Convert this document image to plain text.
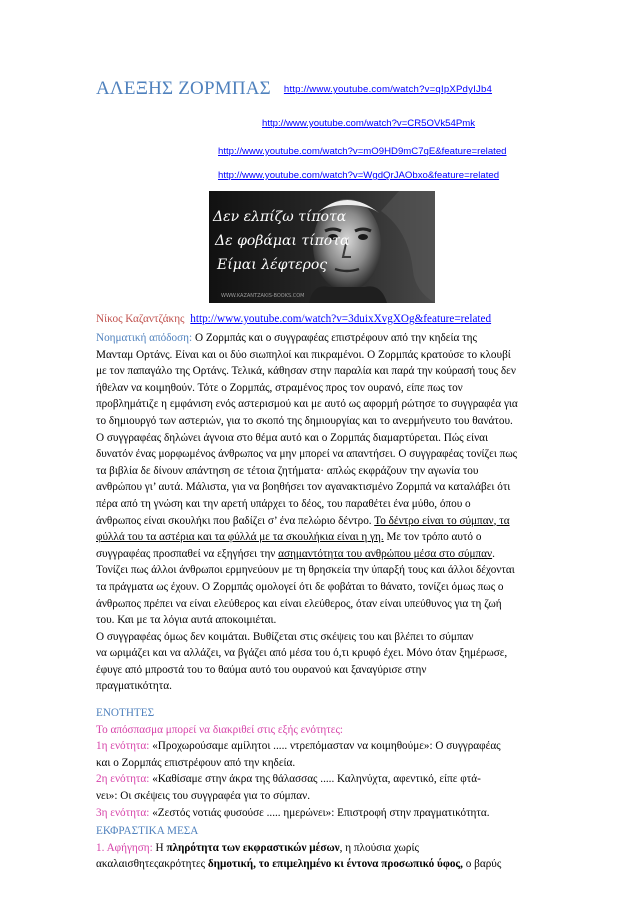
ΑΛΕΞΗΣ ΖΟΡΜΠΑΣ http://www.youtube.com/watch?v=qIpXPdyIJb4
http://www.youtube.com/watch?v=CR5OVk54Pmk
http://www.youtube.com/watch?v=mO9HD9mC7qE&feature=related
http://www.youtube.com/watch?v=WgdQrJAObxo&feature=related
Δεν ελπίζω τίποτα
Δε φοβάμαι τίποτα
Είμαι λέφτερος
WWW.KAZANTZAKIS-BOOKS.COM
Νίκος Καζαντζάκης http://www.youtube.com/watch?v=3duixXvgXOg&feature=related

Νοηματική απόδοση: Ο Ζορμπάς και ο συγγραφέας επιστρέφουν από την κηδεία της

Μανταμ Ορτάνς. Είναι και οι δύο σιωπηλοί και πικραμένοι. Ο Ζορμπάς κρατούσε το κλουβί

με τον παπαγάλο της Ορτάνς. Τελικά, κάθησαν στην παραλία και παρά την κούρασή τους δεν

ήθελαν να κοιμηθούν. Τότε ο Ζορμπάς, στραμένος προς τον ουρανό, είπε πως τον

προβλημάτιζε η εμφάνιση ενός αστερισμού και με αυτό ως αφορμή ρώτησε το συγγραφέα για

το δημιουργό των αστεριών, για το σκοπό της δημιουργίας και το ανερμήνευτο του θανάτου.

Ο συγγραφέας δηλώνει άγνοια στο θέμα αυτό και ο Ζορμπάς διαμαρτύρεται. Πώς είναι

δυνατόν ένας μορφωμένος άνθρωπος να μην μπορεί να απαντήσει. Ο συγγραφέας τονίζει πως

τα βιβλία δε δίνουν απάντηση σε τέτοια ζητήματα· απλώς εκφράζουν την αγωνία του

ανθρώπου γι’ αυτά. Μάλιστα, για να βοηθήσει τον αγανακτισμένο Ζορμπά να καταλάβει ότι

πέρα από τη γνώση και την αρετή υπάρχει το δέος, του παραθέτει ένα μύθο, όπου ο

άνθρωπος είναι σκουλήκι που βαδίζει σ’ ένα πελώριο δέντρο. Το δέντρο είναι το σύμπαν, τα

φύλλά του τα αστέρια και τα φύλλά με τα σκουλήκια είναι η γη. Με τον τρόπο αυτό ο

συγγραφέας προσπαθεί να εξηγήσει την ασημαντότητα του ανθρώπου μέσα στο σύμπαν.

Τονίζει πως άλλοι άνθρωποι ερμηνεύουν με τη θρησκεία την ύπαρξή τους και άλλοι δέχονται

τα πράγματα ως έχουν. Ο Ζορμπάς ομολογεί ότι δε φοβάται το θάνατο, τονίζει όμως πως ο

άνθρωπος πρέπει να είναι ελεύθερος και είναι ελεύθερος, όταν είναι υπεύθυνος για τη ζωή

του. Και με τα λόγια αυτά αποκοιμιέται.

Ο συγγραφέας όμως δεν κοιμάται. Βυθίζεται στις σκέψεις του και βλέπει το σύμπαν

να ωριμάζει και να αλλάζει, να βγάζει από μέσα του ό,τι κρυφό έχει. Μόνο όταν ξημέρωσε,

έφυγε από μπροστά του το θαύμα αυτό του ουρανού και ξαναγύρισε στην

πραγματικότητα.

ΕΝΟΤΗΤΕΣ

Το απόσπασμα μπορεί να διακριθεί στις εξής ενότητες:

1η ενότητα: «Προχωρούσαμε αμίλητοι ..... ντρεπόμασταν να κοιμηθούμε»: Ο συγγραφέας

και ο Ζορμπάς επιστρέφουν από την κηδεία.

2η ενότητα: «Καθίσαμε στην άκρα της θάλασσας ..... Καληνύχτα, αφεντικό, είπε φτά-

νει»: Οι σκέψεις του συγγραφέα για το σύμπαν.

3η ενότητα: «Ζεστός νοτιάς φυσούσε ..... ημερώνει»: Επιστροφή στην πραγματικότητα.

ΕΚΦΡΑΣΤΙΚΑ ΜΕΣΑ

1. Αφήγηση: Η πληρότητα των εκφραστικών μέσων, η πλούσια χωρίς

ακαλαισθητεςακρότητες δημοτική, το επιμελημένο κι έντονα προσωπικό ύφος, ο βαρύς
